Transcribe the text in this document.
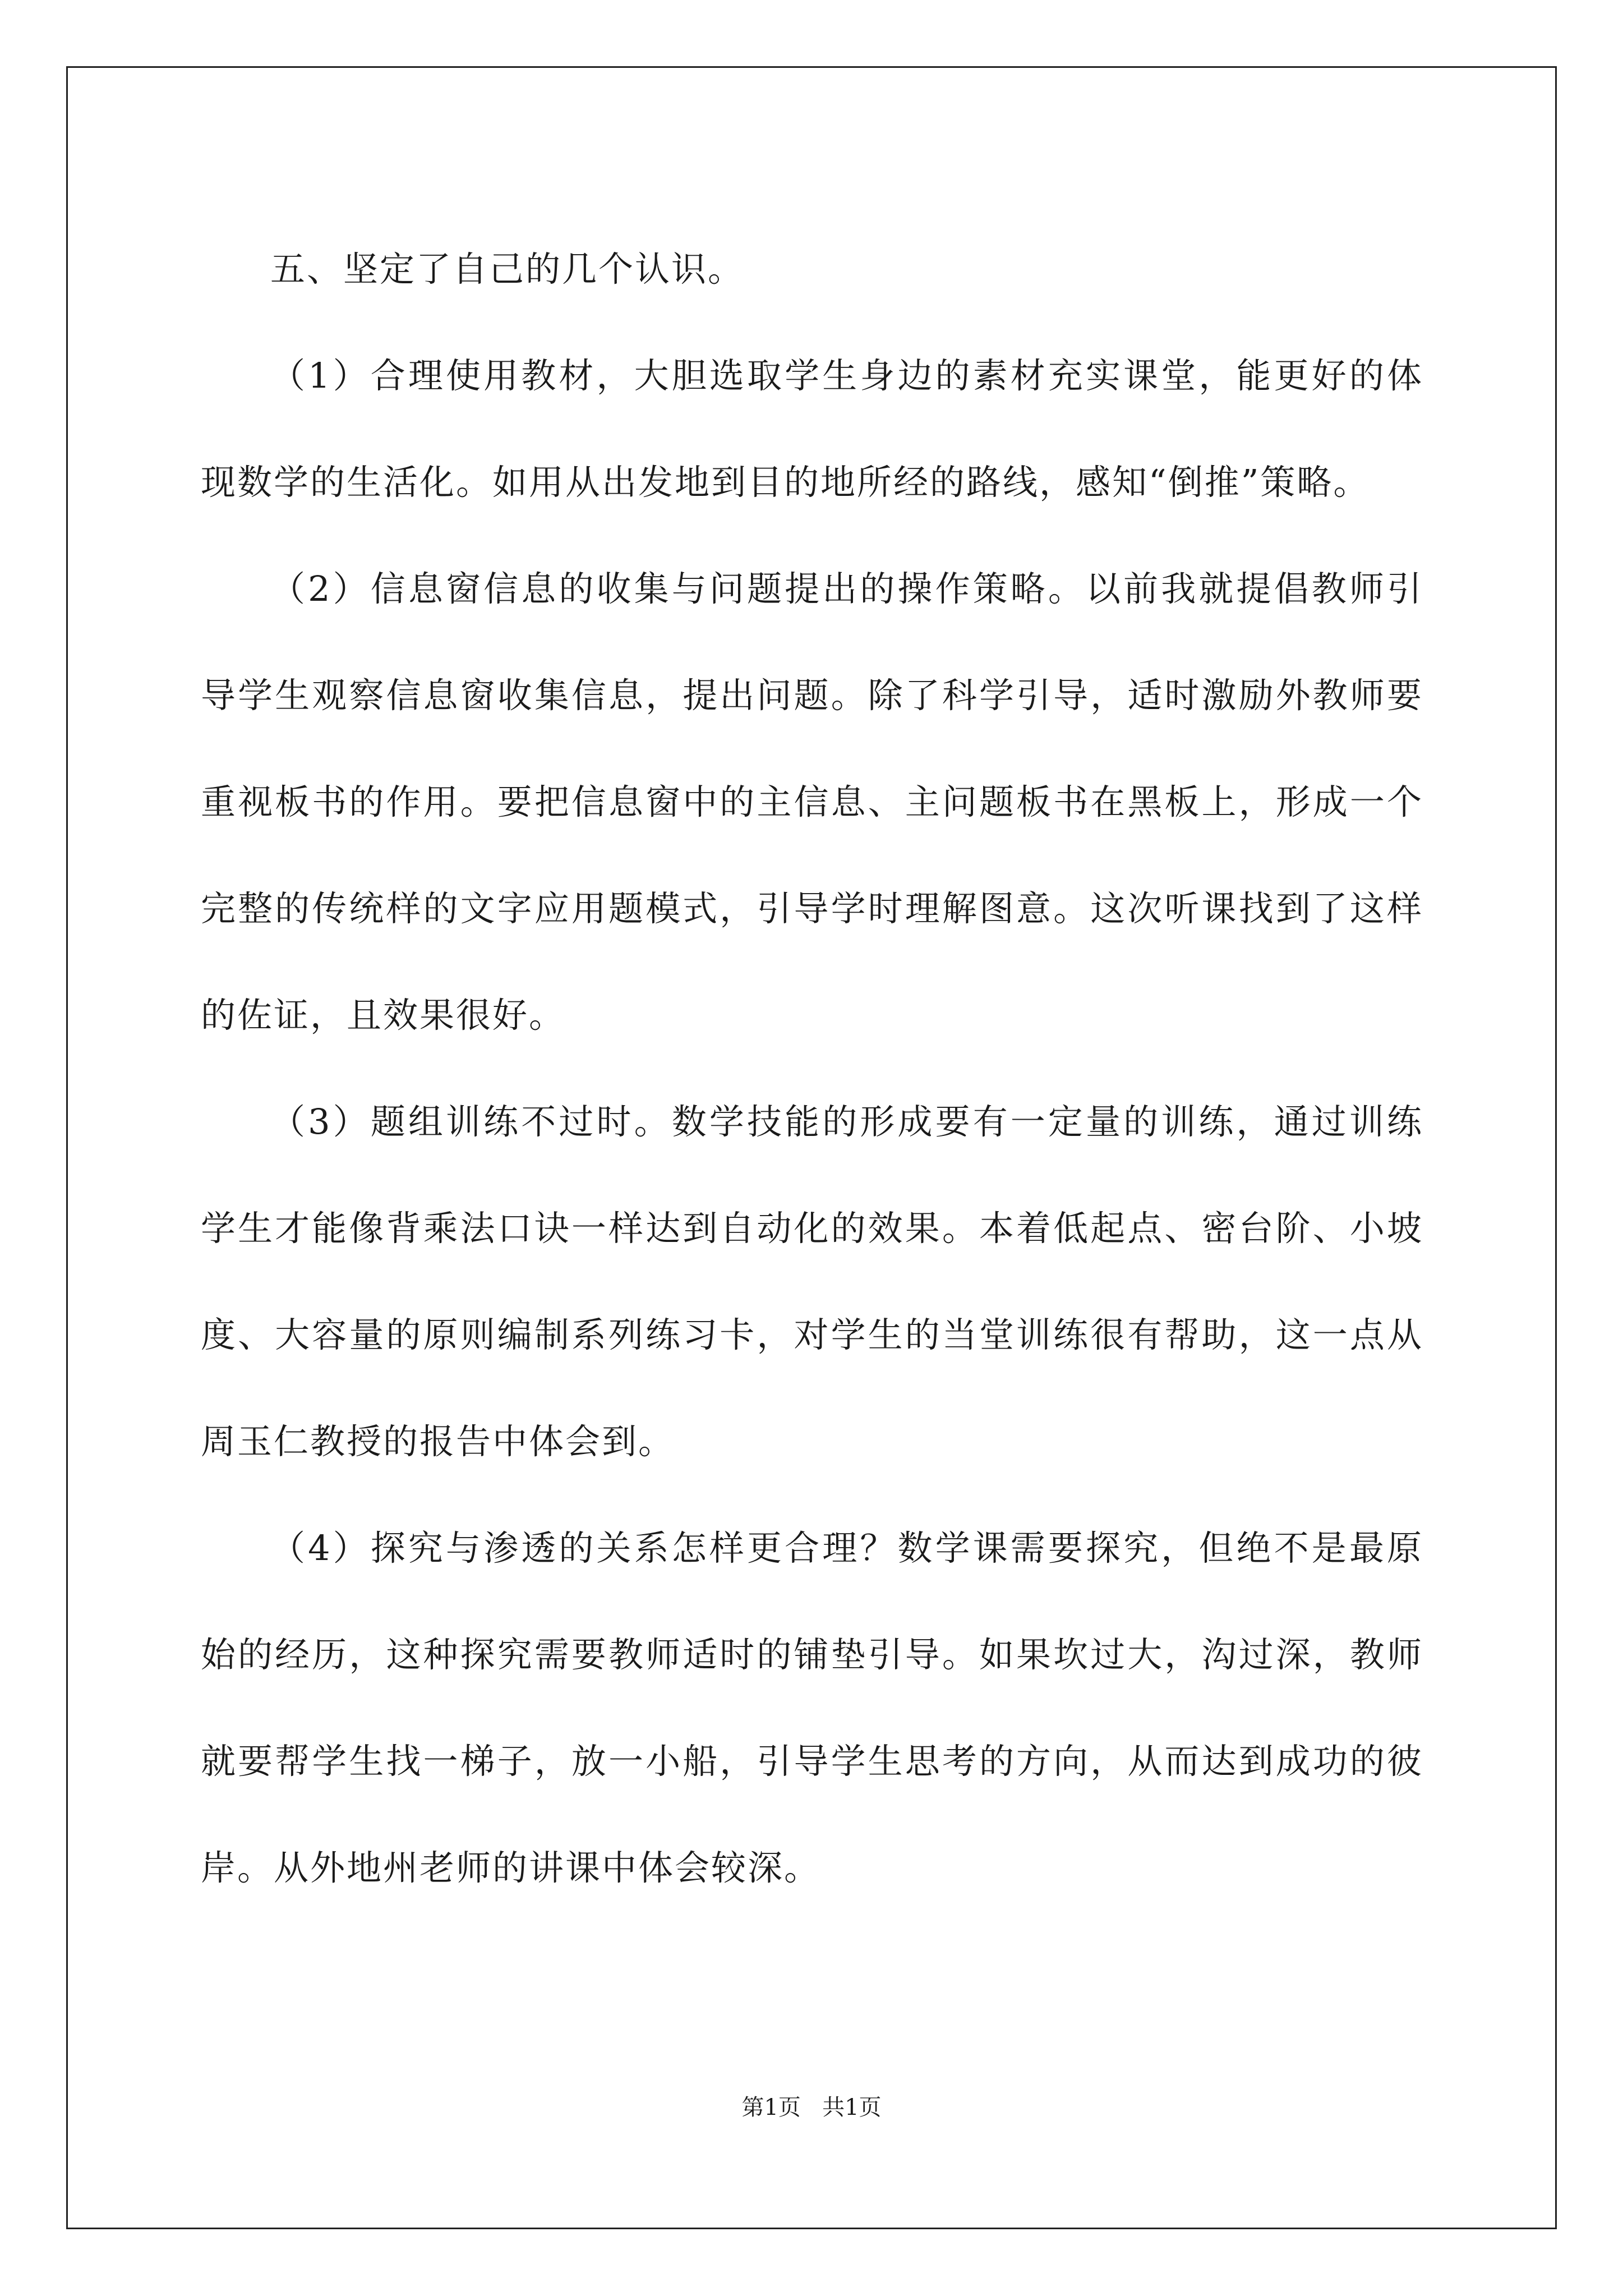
五、坚定了自己的几个认识。

（1）合理使用教材，大胆选取学生身边的素材充实课堂，能更好的体现数学的生活化。如用从出发地到目的地所经的路线，感知“倒推”策略。

（2）信息窗信息的收集与问题提出的操作策略。以前我就提倡教师引导学生观察信息窗收集信息，提出问题。除了科学引导，适时激励外教师要重视板书的作用。要把信息窗中的主信息、主问题板书在黑板上，形成一个完整的传统样的文字应用题模式，引导学时理解图意。这次听课找到了这样的佐证，且效果很好。

（3）题组训练不过时。数学技能的形成要有一定量的训练，通过训练学生才能像背乘法口诀一样达到自动化的效果。本着低起点、密台阶、小坡度、大容量的原则编制系列练习卡，对学生的当堂训练很有帮助，这一点从周玉仁教授的报告中体会到。

（4）探究与渗透的关系怎样更合理？数学课需要探究，但绝不是最原始的经历，这种探究需要教师适时的铺垫引导。如果坎过大，沟过深，教师就要帮学生找一梯子，放一小船，引导学生思考的方向，从而达到成功的彼岸。从外地州老师的讲课中体会较深。

第1页 共1页
